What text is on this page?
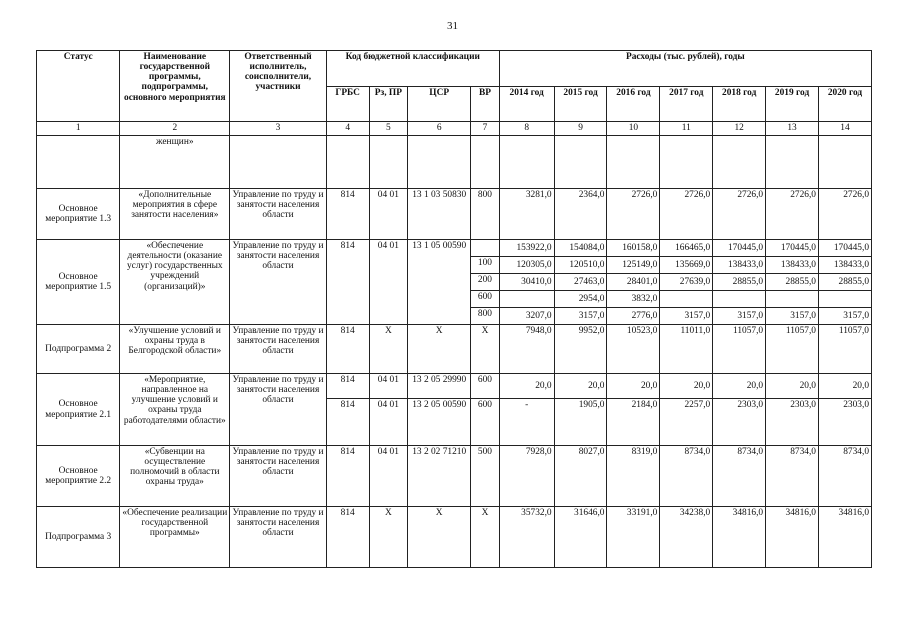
31
Статус	Наименование государственной программы, подпрограммы, основного мероприятия	Ответственный исполнитель, соисполнители, участники	Код бюджетной классификации				Расходы (тыс. рублей), годы						
			ГРБС	Рз, ПР	ЦСР	ВР	2014 год	2015 год	2016 год	2017 год	2018 год	2019 год	2020 год
1	2	3	4	5	6	7	8	9	10	11	12	13	14
	женщин»												
Основное мероприятие 1.3	«Дополнительные мероприятия в сфере занятости населения»	Управление по труду и занятости населения области	814	04 01	13 1 03 50830	800	3281,0	2364,0	2726,0	2726,0	2726,0	2726,0	2726,0
Основное мероприятие 1.5	«Обеспечение деятельности (оказание услуг) государственных учреждений (организаций)»	Управление по труду и занятости населения области	814	04 01	13 1 05 00590		153922,0	154084,0	160158,0	166465,0	170445,0	170445,0	170445,0
						100	120305,0	120510,0	125149,0	135669,0	138433,0	138433,0	138433,0
						200	30410,0	27463,0	28401,0	27639,0	28855,0	28855,0	28855,0
						600		2954,0	3832,0				
						800	3207,0	3157,0	2776,0	3157,0	3157,0	3157,0	3157,0
Подпрограмма 2	«Улучшение условий и охраны труда в Белгородской области»	Управление по труду и занятости населения области	814	X	X	X	7948,0	9952,0	10523,0	11011,0	11057,0	11057,0	11057,0
Основное мероприятие 2.1	«Мероприятие, направленное на улучшение условий и охраны труда работодателями области»	Управление по труду и занятости населения области	814	04 01	13 2 05 29990	600	20,0	20,0	20,0	20,0	20,0	20,0	20,0
			814	04 01	13 2 05 00590	600	-	1905,0	2184,0	2257,0	2303,0	2303,0	2303,0
Основное мероприятие 2.2	«Субвенции на осуществление полномочий в области охраны труда»	Управление по труду и занятости населения области	814	04 01	13 2 02 71210	500	7928,0	8027,0	8319,0	8734,0	8734,0	8734,0	8734,0
Подпрограмма 3	«Обеспечение реализации государственной программы»	Управление по труду и занятости населения области	814	X	X	X	35732,0	31646,0	33191,0	34238,0	34816,0	34816,0	34816,0
